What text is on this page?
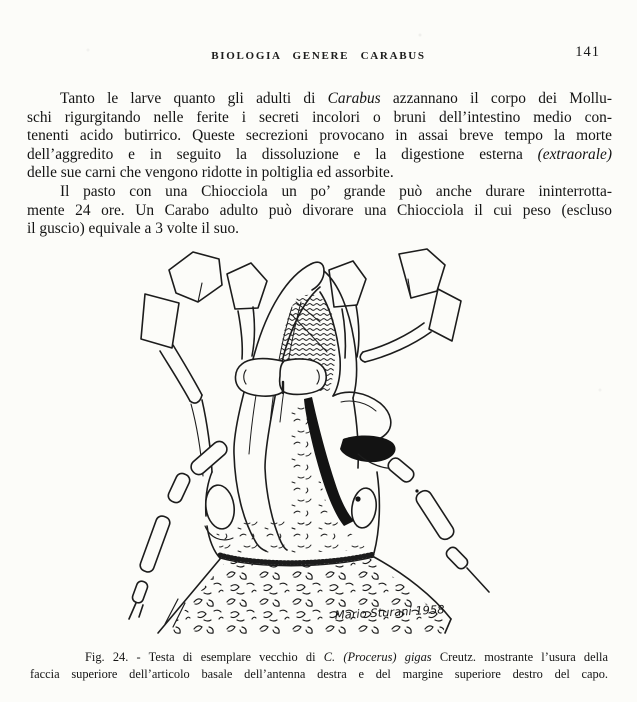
BIOLOGIA GENERE CARABUS	141
Tanto le larve quanto gli adulti di Carabus azzannano il corpo dei Mollu-
schi rigurgitando nelle ferite i secreti incolori o bruni dell’intestino medio con-
tenenti acido butirrico. Queste secrezioni provocano in assai breve tempo la morte
dell’aggredito e in seguito la dissoluzione e la digestione esterna (extraorale)
delle sue carni che vengono ridotte in poltiglia ed assorbite.
Il pasto con una Chiocciola un po’ grande può anche durare ininterrotta-
mente 24 ore. Un Carabo adulto può divorare una Chiocciola il cui peso (escluso
il guscio) equivale a 3 volte il suo.
Mario Sturani 1958
Fig. 24. - Testa di esemplare vecchio di C. (Procerus) gigas Creutz. mostrante l’usura della
faccia superiore dell’articolo basale dell’antenna destra e del margine superiore destro del capo.
